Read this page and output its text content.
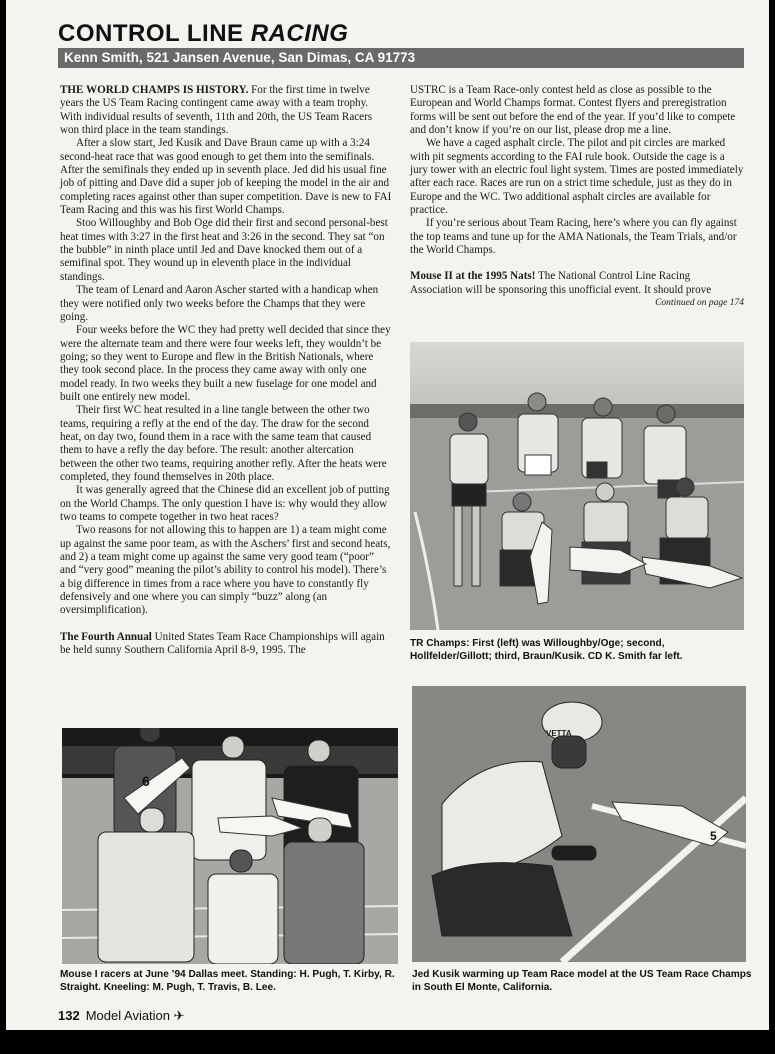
CONTROL LINE RACING
Kenn Smith, 521 Jansen Avenue, San Dimas, CA 91773

THE WORLD CHAMPS IS HISTORY. For the first time in twelve years the US Team Racing contingent came away with a team trophy. With individual results of seventh, 11th and 20th, the US Team Racers won third place in the team standings.

After a slow start, Jed Kusik and Dave Braun came up with a 3:24 second-heat race that was good enough to get them into the semifinals. After the semifinals they ended up in seventh place. Jed did his usual fine job of pitting and Dave did a super job of keeping the model in the air and completing races against other than super competition. Dave is new to FAI Team Racing and this was his first World Champs.

Stoo Willoughby and Bob Oge did their first and second personal-best heat times with 3:27 in the first heat and 3:26 in the second. They sat “on the bubble” in ninth place until Jed and Dave knocked them out of a semifinal spot. They wound up in eleventh place in the individual standings.

The team of Lenard and Aaron Ascher started with a handicap when they were notified only two weeks before the Champs that they were going.

Four weeks before the WC they had pretty well decided that since they were the alternate team and there were four weeks left, they wouldn’t be going; so they went to Europe and flew in the British Nationals, where they took second place. In the process they came away with only one model ready. In two weeks they built a new fuselage for one model and built one entirely new model.

Their first WC heat resulted in a line tangle between the other two teams, requiring a refly at the end of the day. The draw for the second heat, on day two, found them in a race with the same team that caused them to have a refly the day before. The result: another altercation between the other two teams, requiring another refly. After the heats were completed, they found themselves in 20th place.

It was generally agreed that the Chinese did an excellent job of putting on the World Champs. The only question I have is: why would they allow two teams to compete together in two heat races?

Two reasons for not allowing this to happen are 1) a team might come up against the same poor team, as with the Aschers’ first and second heats, and 2) a team might come up against the same very good team (“poor” and “very good” meaning the pilot’s ability to control his model). There’s a big difference in times from a race where you have to constantly fly defensively and one where you can simply “buzz” along (an oversimplification).

The Fourth Annual United States Team Race Championships will again be held sunny Southern California April 8-9, 1995. The

USTRC is a Team Race-only contest held as close as possible to the European and World Champs format. Contest flyers and preregistration forms will be sent out before the end of the year. If you’d like to compete and don’t know if you’re on our list, please drop me a line.

We have a caged asphalt circle. The pilot and pit circles are marked with pit segments according to the FAI rule book. Outside the cage is a jury tower with an electric foul light system. Times are posted immediately after each race. Races are run on a strict time schedule, just as they do in Europe and the WC. Two additional asphalt circles are available for practice.

If you’re serious about Team Racing, here’s where you can fly against the top teams and tune up for the AMA Nationals, the Team Trials, and/or the World Champs.

Mouse II at the 1995 Nats! The National Control Line Racing Association will be sponsoring this unofficial event. It should prove

Continued on page 174

TR Champs: First (left) was Willoughby/Oge; second, Hollfelder/Gillott; third, Braun/Kusik. CD K. Smith far left.
6
Mouse I racers at June ’94 Dallas meet. Standing: H. Pugh, T. Kirby, R. Straight. Kneeling: M. Pugh, T. Travis, B. Lee.
VETTA
5
Jed Kusik warming up Team Race model at the US Team Race Champs in South El Monte, California.
132 Model Aviation ✈
